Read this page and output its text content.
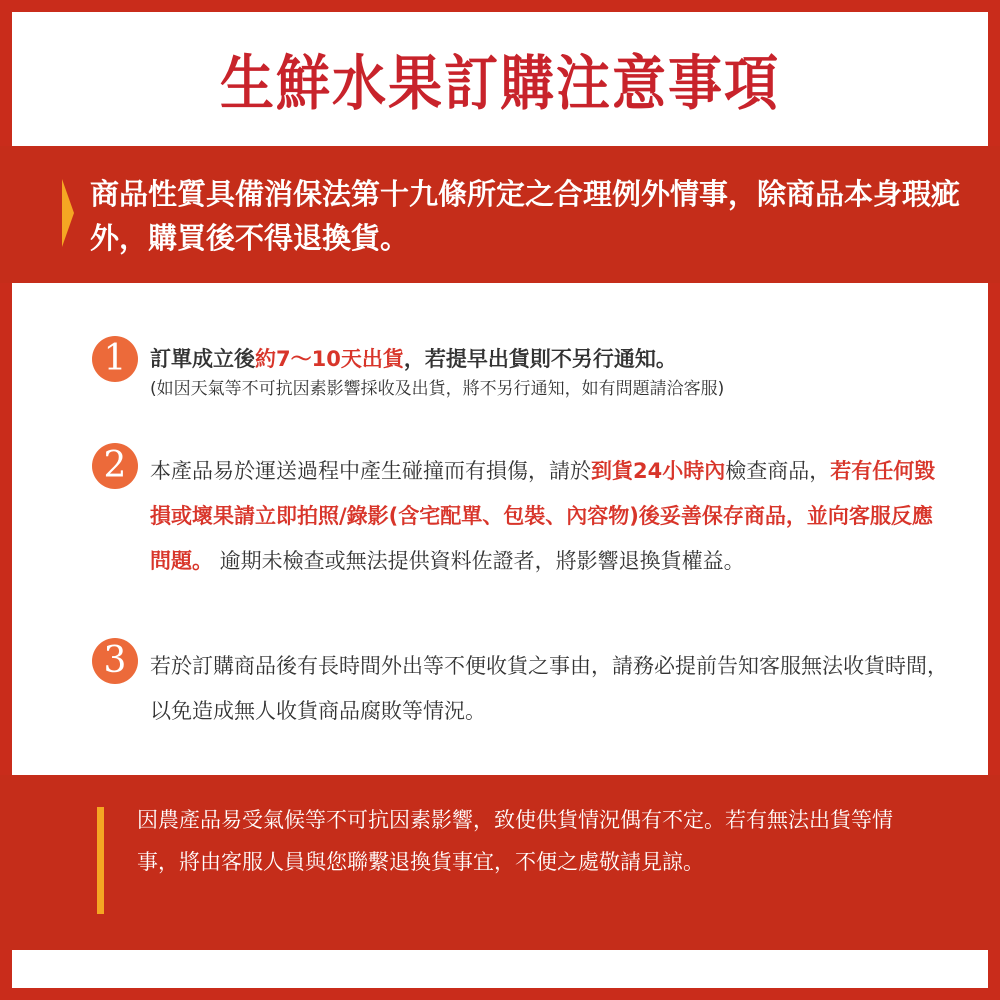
生鮮水果訂購注意事項
商品性質具備消保法第十九條所定之合理例外情事，除商品本身瑕疵外，購買後不得退換貨。
1	訂單成立後約7～10天出貨，若提早出貨則不另行通知。
(如因天氣等不可抗因素影響採收及出貨，將不另行通知，如有問題請洽客服)
2	本產品易於運送過程中產生碰撞而有損傷，請於到貨24小時內檢查商品，若有任何毀損或壞果請立即拍照/錄影(含宅配單、包裝、內容物)後妥善保存商品，並向客服反應問題。 逾期未檢查或無法提供資料佐證者，將影響退換貨權益。
3	若於訂購商品後有長時間外出等不便收貨之事由，請務必提前告知客服無法收貨時間，以免造成無人收貨商品腐敗等情況。
因農產品易受氣候等不可抗因素影響，致使供貨情況偶有不定。若有無法出貨等情事，將由客服人員與您聯繫退換貨事宜，不便之處敬請見諒。
